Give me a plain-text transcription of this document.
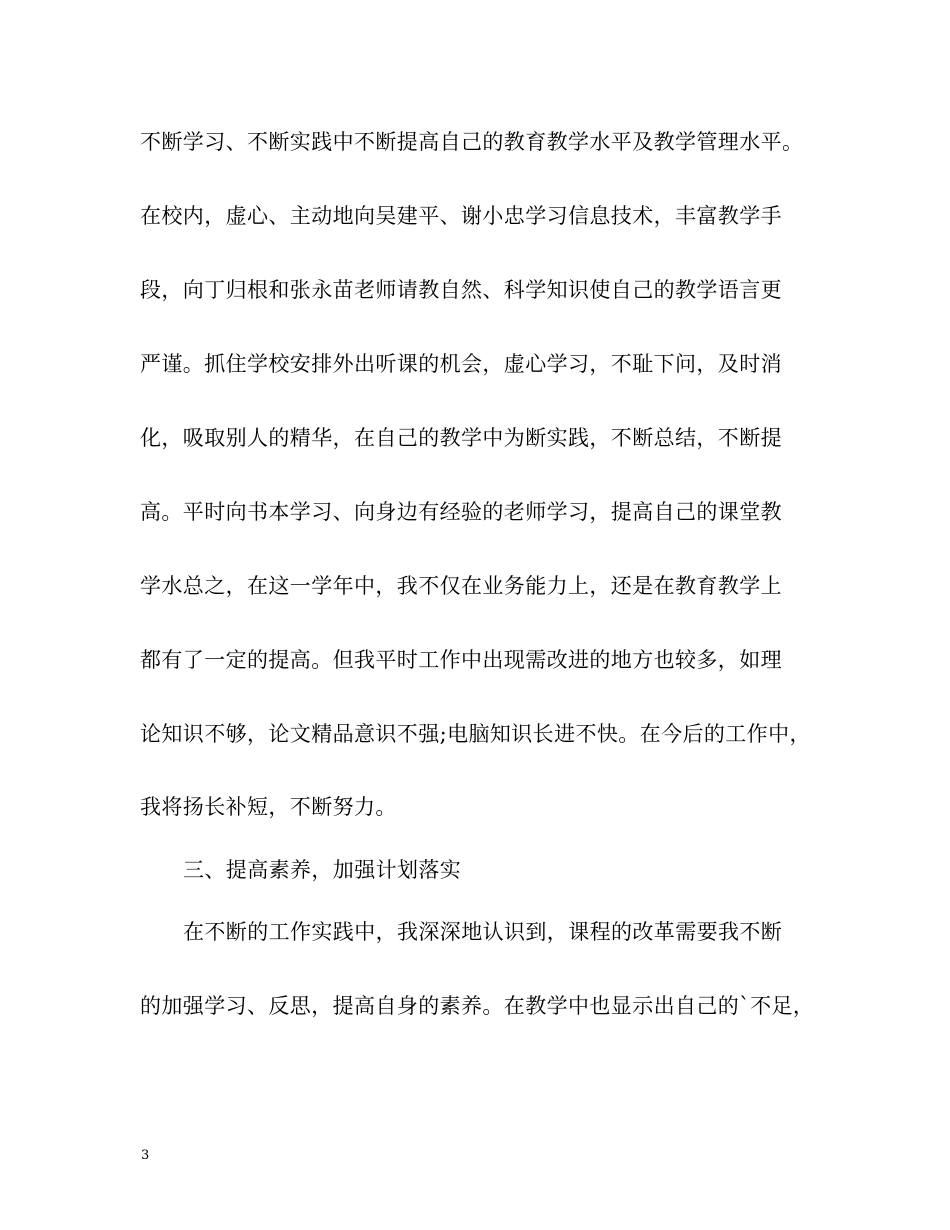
不断学习、不断实践中不断提高自己的教育教学水平及教学管理水平。
在校内，虚心、主动地向吴建平、谢小忠学习信息技术，丰富教学手
段，向丁归根和张永苗老师请教自然、科学知识使自己的教学语言更
严谨。抓住学校安排外出听课的机会，虚心学习，不耻下问，及时消
化，吸取别人的精华，在自己的教学中为断实践，不断总结，不断提
高。平时向书本学习、向身边有经验的老师学习，提高自己的课堂教
学水总之，在这一学年中，我不仅在业务能力上，还是在教育教学上
都有了一定的提高。但我平时工作中出现需改进的地方也较多，如理
论知识不够，论文精品意识不强;电脑知识长进不快。在今后的工作中，
我将扬长补短，不断努力。
三、提高素养，加强计划落实
在不断的工作实践中，我深深地认识到，课程的改革需要我不断
的加强学习、反思，提高自身的素养。在教学中也显示出自己的`不足，
3
